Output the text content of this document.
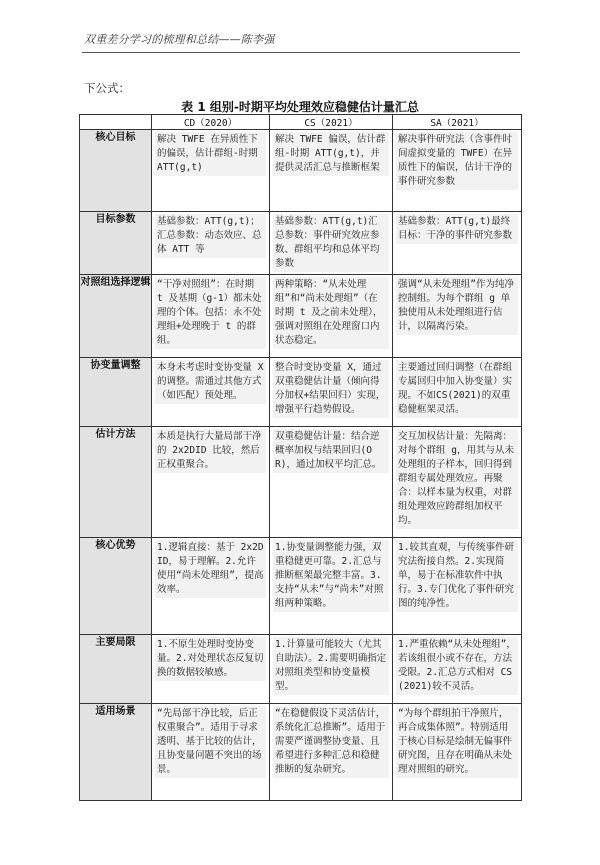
双重差分学习的梳理和总结——陈李强
下公式：
表 1 组别-时期平均处理效应稳健估计量汇总
	CD（2020）	CS（2021）	SA（2021）
核心目标	解决 TWFE 在异质性下的偏误，估计群组-时期 ATT(g,t)	解决 TWFE 偏误，估计群组-时期 ATT(g,t)，并提供灵活汇总与推断框架	解决事件研究法（含事件时间虚拟变量的 TWFE）在异质性下的偏误，估计干净的事件研究参数

目标参数	基础参数：ATT(g,t)；汇总参数：动态效应、总体 ATT 等	基础参数：ATT(g,t)汇总参数：事件研究效应参数、群组平均和总体平均参数	基础参数：ATT(g,t)最终目标：干净的事件研究参数

对照组选择逻辑	“干净对照组”：在时期 t 及基期（g-1）都未处理的个体。包括：永不处理组+处理晚于 t 的群组。	两种策略：“从未处理组”和“尚未处理组”（在时期 t 及之前未处理），强调对照组在处理窗口内状态稳定。	强调“从未处理组”作为纯净控制组。为每个群组 g 单独使用从未处理组进行估计，以隔离污染。

协变量调整	本身未考虑时变协变量 X 的调整。需通过其他方式（如匹配）预处理。	整合时变协变量 X，通过双重稳健估计量（倾向得分加权+结果回归）实现，增强平行趋势假设。	主要通过回归调整（在群组专属回归中加入协变量）实现。不如CS(2021)的双重稳健框架灵活。

估计方法	本质是执行大量局部干净的 2x2DID 比较，然后正权重聚合。	双重稳健估计量：结合逆概率加权与结果回归(OR)，通过加权平均汇总。	交互加权估计量：先隔离：对每个群组 g，用其与从未处理组的子样本，回归得到群组专属处理效应。再聚合：以样本量为权重，对群组处理效应跨群组加权平均。

核心优势	1.逻辑直接：基于 2x2DID，易于理解。2.允许使用“尚未处理组”，提高效率。	1.协变量调整能力强，双重稳健更可靠。2.汇总与推断框架最完整丰富。3.支持“从未”与“尚未”对照组两种策略。	1.较其直观，与传统事件研究法衔接自然。2.实现简单，易于在标准软件中执行。3.专门优化了事件研究图的纯净性。

主要局限	1.不原生处理时变协变量。2.对处理状态反复切换的数据较敏感。	1.计算量可能较大（尤其自助法）。2.需要明确指定对照组类型和协变量模型。	1.严重依赖“从未处理组”，若该组很小或不存在，方法受限。2.汇总方式相对 CS(2021)较不灵活。

适用场景	“先局部干净比较，后正权重聚合”。适用于寻求透明、基于比较的估计，且协变量问题不突出的场景。	“在稳健假设下灵活估计，系统化汇总推断”。适用于需要严谨调整协变量、且希望进行多种汇总和稳健推断的复杂研究。	“为每个群组拍干净照片，再合成集体照”。特别适用于核心目标是绘制无偏事件研究图，且存在明确从未处理对照组的研究。
